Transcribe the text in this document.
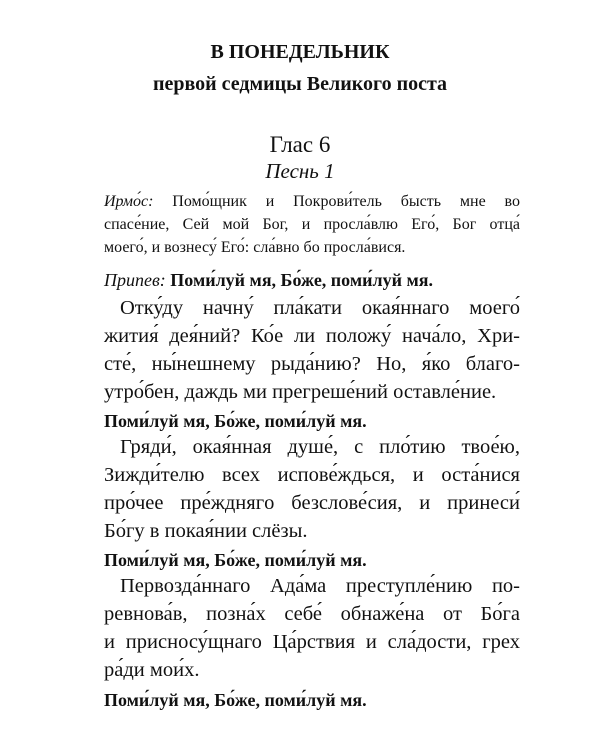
В ПОНЕДЕЛЬНИК
первой седмицы Великого поста
Глас 6
Песнь 1
Ирмо́с: Помо́щник и Покрови́тель бысть мне во
спасе́ние, Сей мой Бог, и просла́влю Его́, Бог отца́
моего́, и вознесу́ Его́: сла́вно бо просла́вися.
Припев: Поми́луй мя, Бо́же, поми́луй мя.
Отку́ду начну́ пла́кати окая́ннаго моего́
жития́ дея́ний? Ко́е ли положу́ нача́ло, Хри-
сте́, ны́нешнему рыда́нию? Но, я́ко благо-
утро́бен, даждь ми прегреше́ний оставле́ние.
Поми́луй мя, Бо́же, поми́луй мя.
Гряди́, окая́нная душе́, с пло́тию твое́ю,
Зижди́телю всех испове́ждься, и оста́нися
про́чее пре́жднягo безслове́сия, и принеси́
Бо́гу в покая́нии слёзы.
Поми́луй мя, Бо́же, поми́луй мя.
Первозда́ннаго Ада́ма преступле́нию по-
ревнова́в, позна́х себе́ обнаже́на от Бо́га
и присносу́щнаго Ца́рствия и сла́дости, грех
ра́ди мои́х.
Поми́луй мя, Бо́же, поми́луй мя.
